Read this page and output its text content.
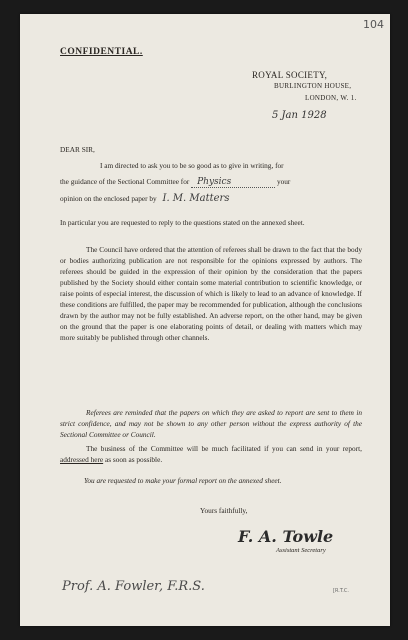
104
CONFIDENTIAL.
ROYAL SOCIETY,
BURLINGTON HOUSE,
LONDON, W. 1.
5 Jan 1928
DEAR SIR,
I am directed to ask you to be so good as to give in writing, for
the guidance of the Sectional Committee for Physics	your
opinion on the enclosed paper by I. M. Matters
In particular you are requested to reply to the questions stated on the annexed sheet.
The Council have ordered that the attention of referees shall be drawn to the fact that the body or bodies authorizing publication are not responsible for the opinions expressed by authors. The referees should be guided in the expression of their opinion by the consideration that the papers published by the Society should either contain some material contribution to scientific knowledge, or raise points of especial interest, the discussion of which is likely to lead to an advance of knowledge. If these conditions are fulfilled, the paper may be recommended for publication, although the conclusions drawn by the author may not be fully established. An adverse report, on the other hand, may be given on the ground that the paper is one elaborating points of detail, or dealing with matters which may more suitably be published through other channels.
Referees are reminded that the papers on which they are asked to report are sent to them in strict confidence, and may not be shown to any other person without the express authority of the Sectional Committee or Council.
The business of the Committee will be much facilitated if you can send in your report, addressed here as soon as possible.
You are requested to make your formal report on the annexed sheet.
Yours faithfully,
F. A. Towle
Assistant Secretary
Prof. A. Fowler, F.R.S.	[R.T.C.
